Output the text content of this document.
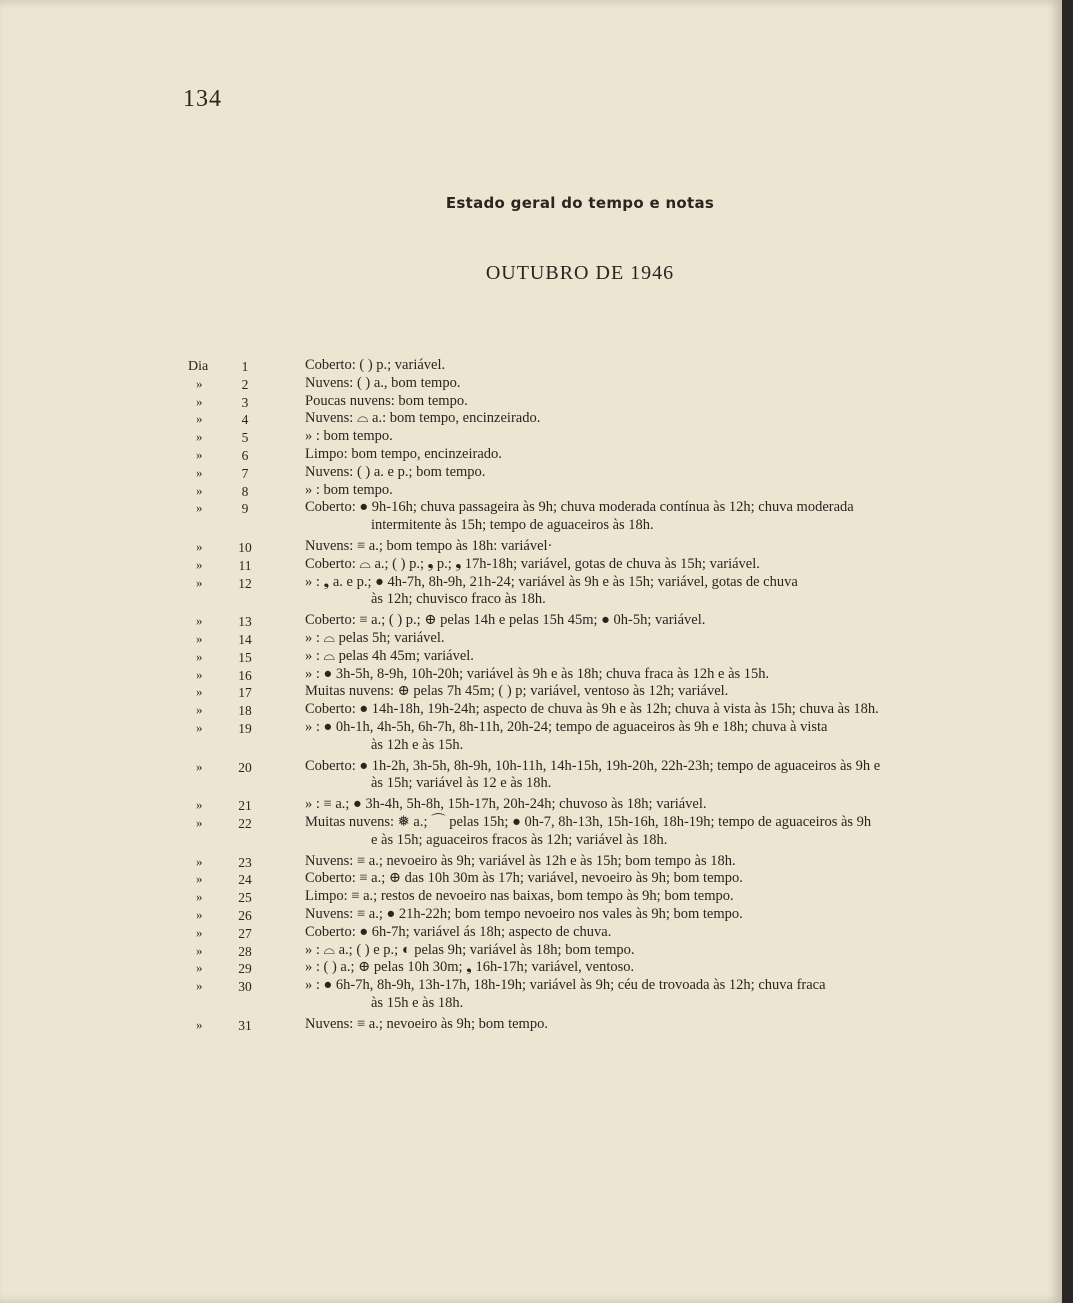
134
Estado geral do tempo e notas
OUTUBRO DE 1946
Dia	1	Coberto: ( ) p.; variável.
»	2	Nuvens: ( ) a., bom tempo.
»	3	Poucas nuvens: bom tempo.
»	4	Nuvens: ⌓ a.: bom tempo, encinzeirado.
»	5	» : bom tempo.
»	6	Limpo: bom tempo, encinzeirado.
»	7	Nuvens: ( ) a. e p.; bom tempo.
»	8	» : bom tempo.
»	9	Coberto: ● 9h-16h; chuva passageira às 9h; chuva moderada contínua às 12h; chuva moderada
intermitente às 15h; tempo de aguaceiros às 18h.
»	10	Nuvens: ≡ a.; bom tempo às 18h: variável·
»	11	Coberto: ⌓ a.; ( ) p.; ❟ p.; ❟ 17h-18h; variável, gotas de chuva às 15h; variável.
»	12	» : ❟ a. e p.; ● 4h-7h, 8h-9h, 21h-24; variável às 9h e às 15h; variável, gotas de chuva
às 12h; chuvisco fraco às 18h.
»	13	Coberto: ≡ a.; ( ) p.; ⊕ pelas 14h e pelas 15h 45m; ● 0h-5h; variável.
»	14	» : ⌓ pelas 5h; variável.
»	15	» : ⌓ pelas 4h 45m; variável.
»	16	» : ● 3h-5h, 8-9h, 10h-20h; variável às 9h e às 18h; chuva fraca às 12h e às 15h.
»	17	Muitas nuvens: ⊕ pelas 7h 45m; ( ) p; variável, ventoso às 12h; variável.
»	18	Coberto: ● 14h-18h, 19h-24h; aspecto de chuva às 9h e às 12h; chuva à vista às 15h; chuva às 18h.
»	19	» : ● 0h-1h, 4h-5h, 6h-7h, 8h-11h, 20h-24; tempo de aguaceiros às 9h e 18h; chuva à vista
às 12h e às 15h.
»	20	Coberto: ● 1h-2h, 3h-5h, 8h-9h, 10h-11h, 14h-15h, 19h-20h, 22h-23h; tempo de aguaceiros às 9h e
às 15h; variável às 12 e às 18h.
»	21	» : ≡ a.; ● 3h-4h, 5h-8h, 15h-17h, 20h-24h; chuvoso às 18h; variável.
»	22	Muitas nuvens: ❅ a.; ⌒ pelas 15h; ● 0h-7, 8h-13h, 15h-16h, 18h-19h; tempo de aguaceiros às 9h
e às 15h; aguaceiros fracos às 12h; variável às 18h.
»	23	Nuvens: ≡ a.; nevoeiro às 9h; variável às 12h e às 15h; bom tempo às 18h.
»	24	Coberto: ≡ a.; ⊕ das 10h 30m às 17h; variável, nevoeiro às 9h; bom tempo.
»	25	Limpo: ≡ a.; restos de nevoeiro nas baixas, bom tempo às 9h; bom tempo.
»	26	Nuvens: ≡ a.; ● 21h-22h; bom tempo nevoeiro nos vales às 9h; bom tempo.
»	27	Coberto: ● 6h-7h; variável ás 18h; aspecto de chuva.
»	28	» : ⌓ a.; ( ) e p.; ◐ pelas 9h; variável às 18h; bom tempo.
»	29	» : ( ) a.; ⊕ pelas 10h 30m; ❟ 16h-17h; variável, ventoso.
»	30	» : ● 6h-7h, 8h-9h, 13h-17h, 18h-19h; variável às 9h; céu de trovoada às 12h; chuva fraca
às 15h e às 18h.
»	31	Nuvens: ≡ a.; nevoeiro às 9h; bom tempo.
